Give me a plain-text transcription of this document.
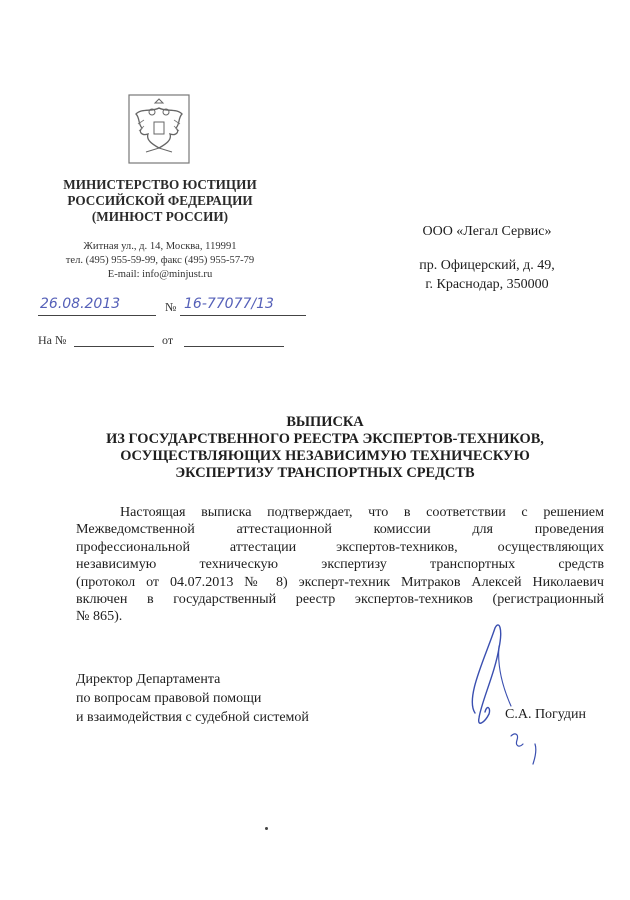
МИНИСТЕРСТВО ЮСТИЦИИ
РОССИЙСКОЙ ФЕДЕРАЦИИ
(МИНЮСТ РОССИИ)
Житная ул., д. 14, Москва, 119991
тел. (495) 955-59-99, факс (495) 955-57-79
E-mail: info@minjust.ru
26.08.2013	№ 16-77077/13
На №	от
ООО «Легал Сервис»
пр. Офицерский, д. 49,
г. Краснодар, 350000
ВЫПИСКА
ИЗ ГОСУДАРСТВЕННОГО РЕЕСТРА ЭКСПЕРТОВ-ТЕХНИКОВ,
ОСУЩЕСТВЛЯЮЩИХ НЕЗАВИСИМУЮ ТЕХНИЧЕСКУЮ
ЭКСПЕРТИЗУ ТРАНСПОРТНЫХ СРЕДСТВ
Настоящая выписка подтверждает, что в соответствии с решением
Межведомственной аттестационной комиссии для проведения
профессиональной аттестации экспертов-техников, осуществляющих
независимую техническую экспертизу транспортных средств
(протокол от 04.07.2013 № 8) эксперт-техник Митраков Алексей Николаевич
включен в государственный реестр экспертов-техников (регистрационный
№ 865).
Директор Департамента
по вопросам правовой помощи
и взаимодействия с судебной системой	С.А. Погудин
